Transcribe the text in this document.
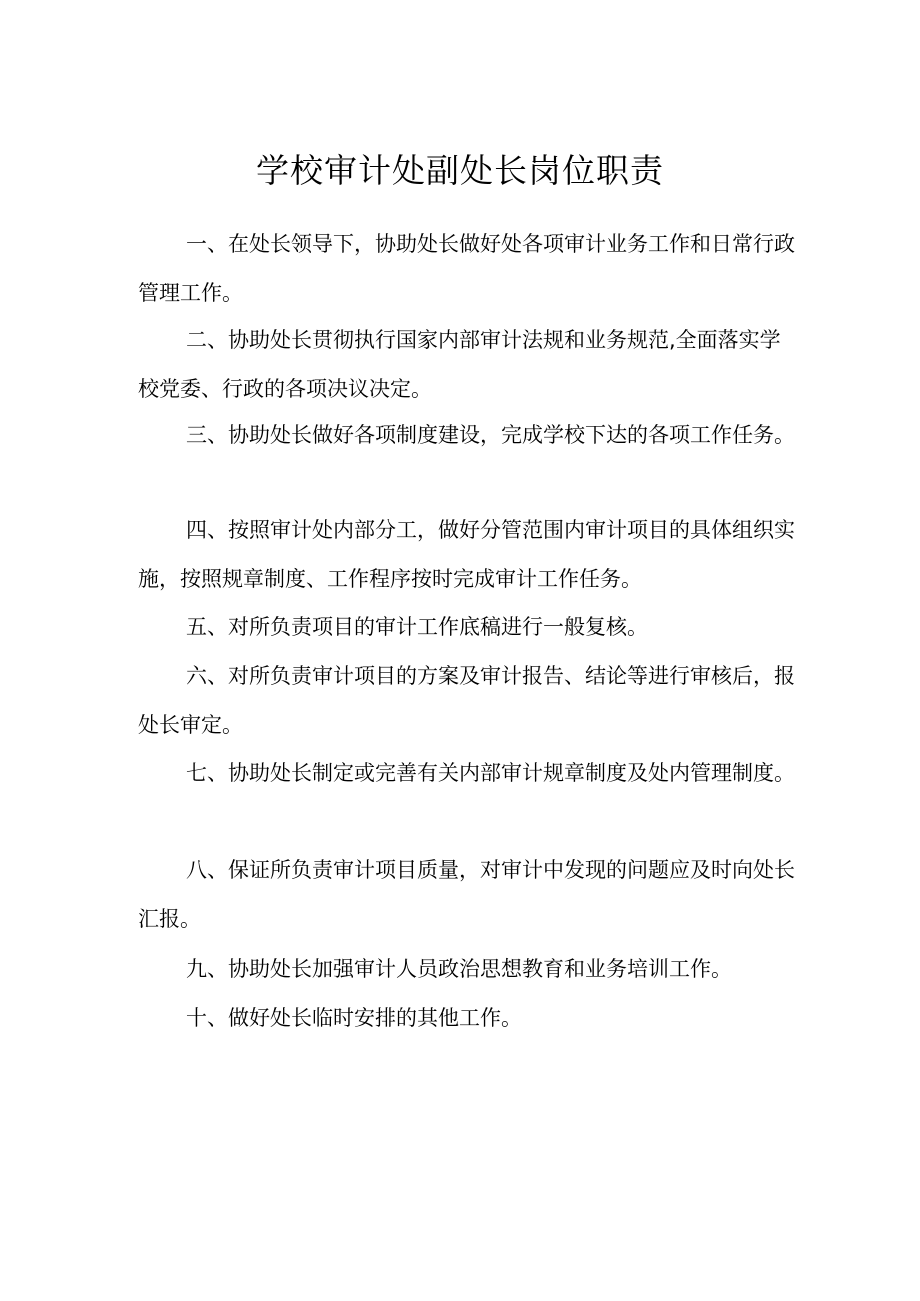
学校审计处副处长岗位职责

一、在处长领导下，协助处长做好处各项审计业务工作和日常行政管理工作。

二、协助处长贯彻执行国家内部审计法规和业务规范,全面落实学校党委、行政的各项决议决定。

三、协助处长做好各项制度建设，完成学校下达的各项工作任务。

四、按照审计处内部分工，做好分管范围内审计项目的具体组织实施，按照规章制度、工作程序按时完成审计工作任务。

五、对所负责项目的审计工作底稿进行一般复核。

六、对所负责审计项目的方案及审计报告、结论等进行审核后，报处长审定。

七、协助处长制定或完善有关内部审计规章制度及处内管理制度。

八、保证所负责审计项目质量，对审计中发现的问题应及时向处长汇报。

九、协助处长加强审计人员政治思想教育和业务培训工作。

十、做好处长临时安排的其他工作。
